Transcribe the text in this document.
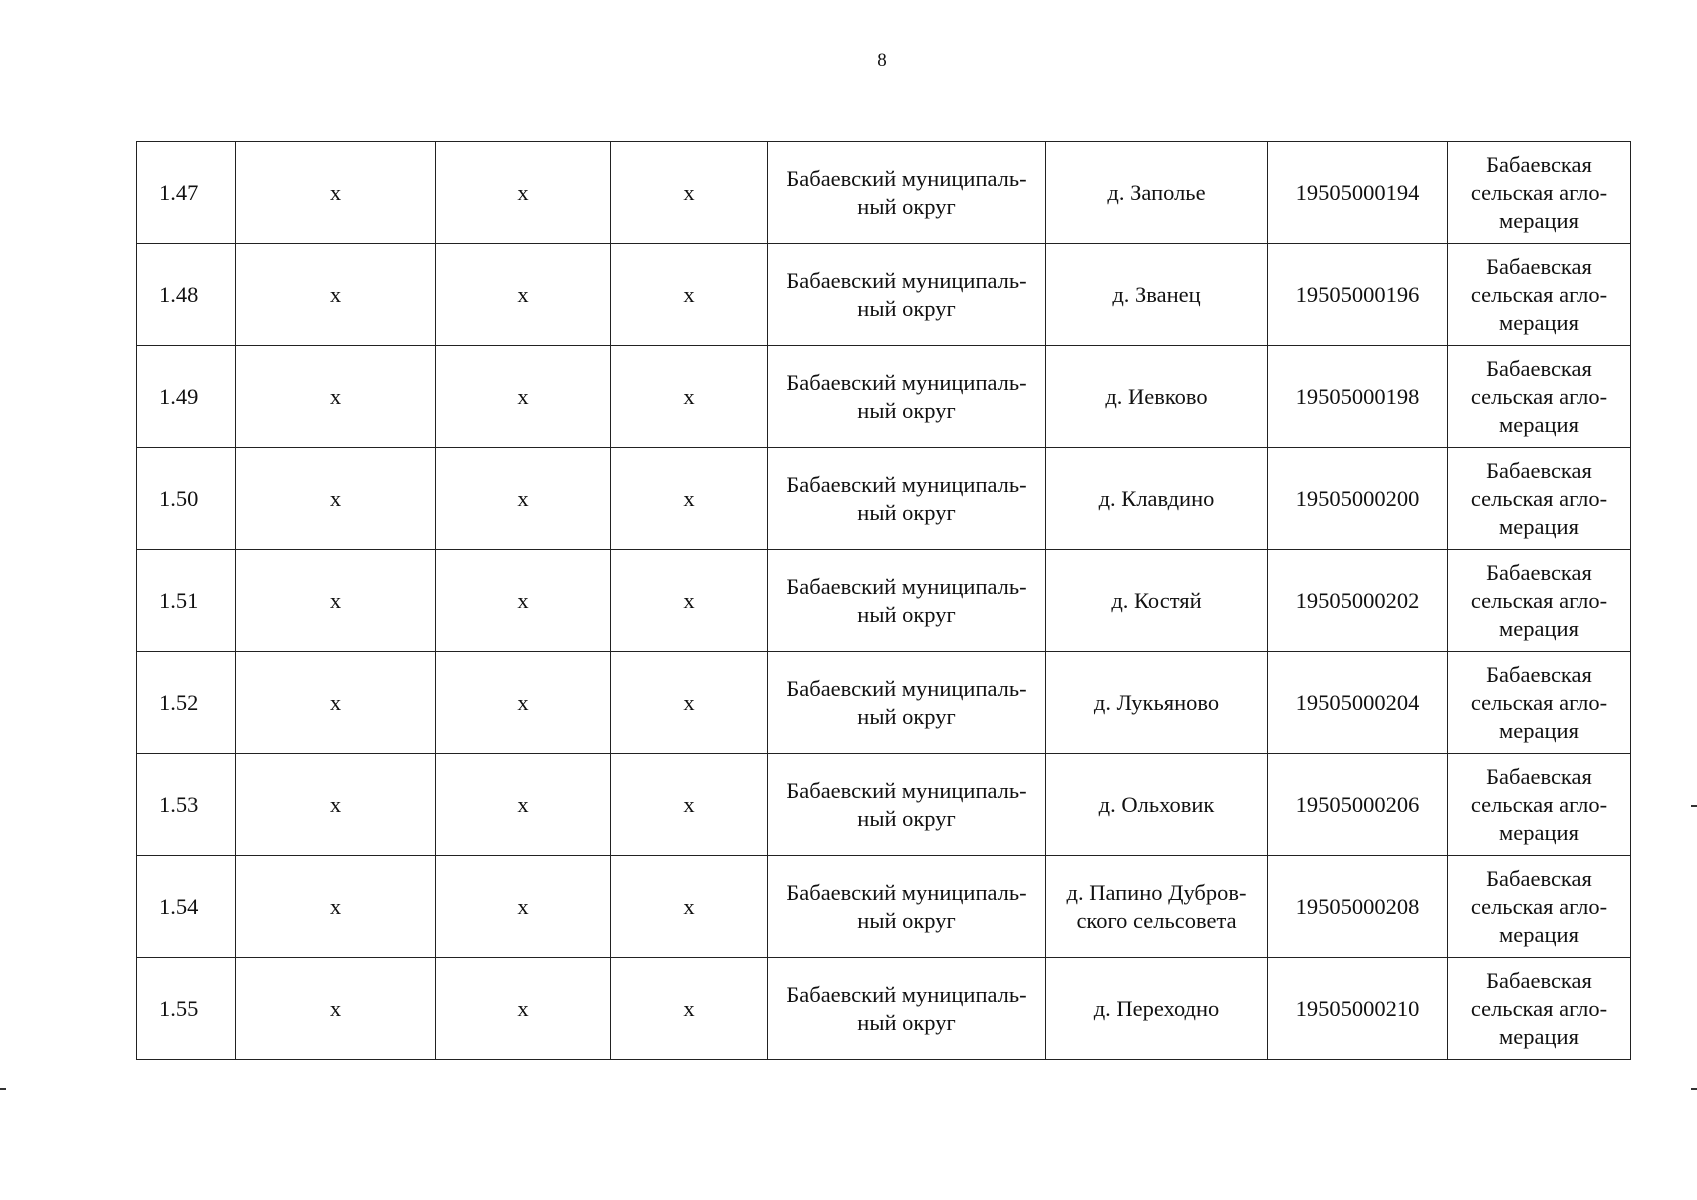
8
1.47	х	х	х	Бабаевский муниципаль-
ный округ	д. Заполье	19505000194	Бабаевская
сельская агло-
мерация
1.48	х	х	х	Бабаевский муниципаль-
ный округ	д. Званец	19505000196	Бабаевская
сельская агло-
мерация
1.49	х	х	х	Бабаевский муниципаль-
ный округ	д. Иевково	19505000198	Бабаевская
сельская агло-
мерация
1.50	х	х	х	Бабаевский муниципаль-
ный округ	д. Клавдино	19505000200	Бабаевская
сельская агло-
мерация
1.51	х	х	х	Бабаевский муниципаль-
ный округ	д. Костяй	19505000202	Бабаевская
сельская агло-
мерация
1.52	х	х	х	Бабаевский муниципаль-
ный округ	д. Лукьяново	19505000204	Бабаевская
сельская агло-
мерация
1.53	х	х	х	Бабаевский муниципаль-
ный округ	д. Ольховик	19505000206	Бабаевская
сельская агло-
мерация
1.54	х	х	х	Бабаевский муниципаль-
ный округ	д. Папино Дубров-
ского сельсовета	19505000208	Бабаевская
сельская агло-
мерация
1.55	х	х	х	Бабаевский муниципаль-
ный округ	д. Переходно	19505000210	Бабаевская
сельская агло-
мерация
